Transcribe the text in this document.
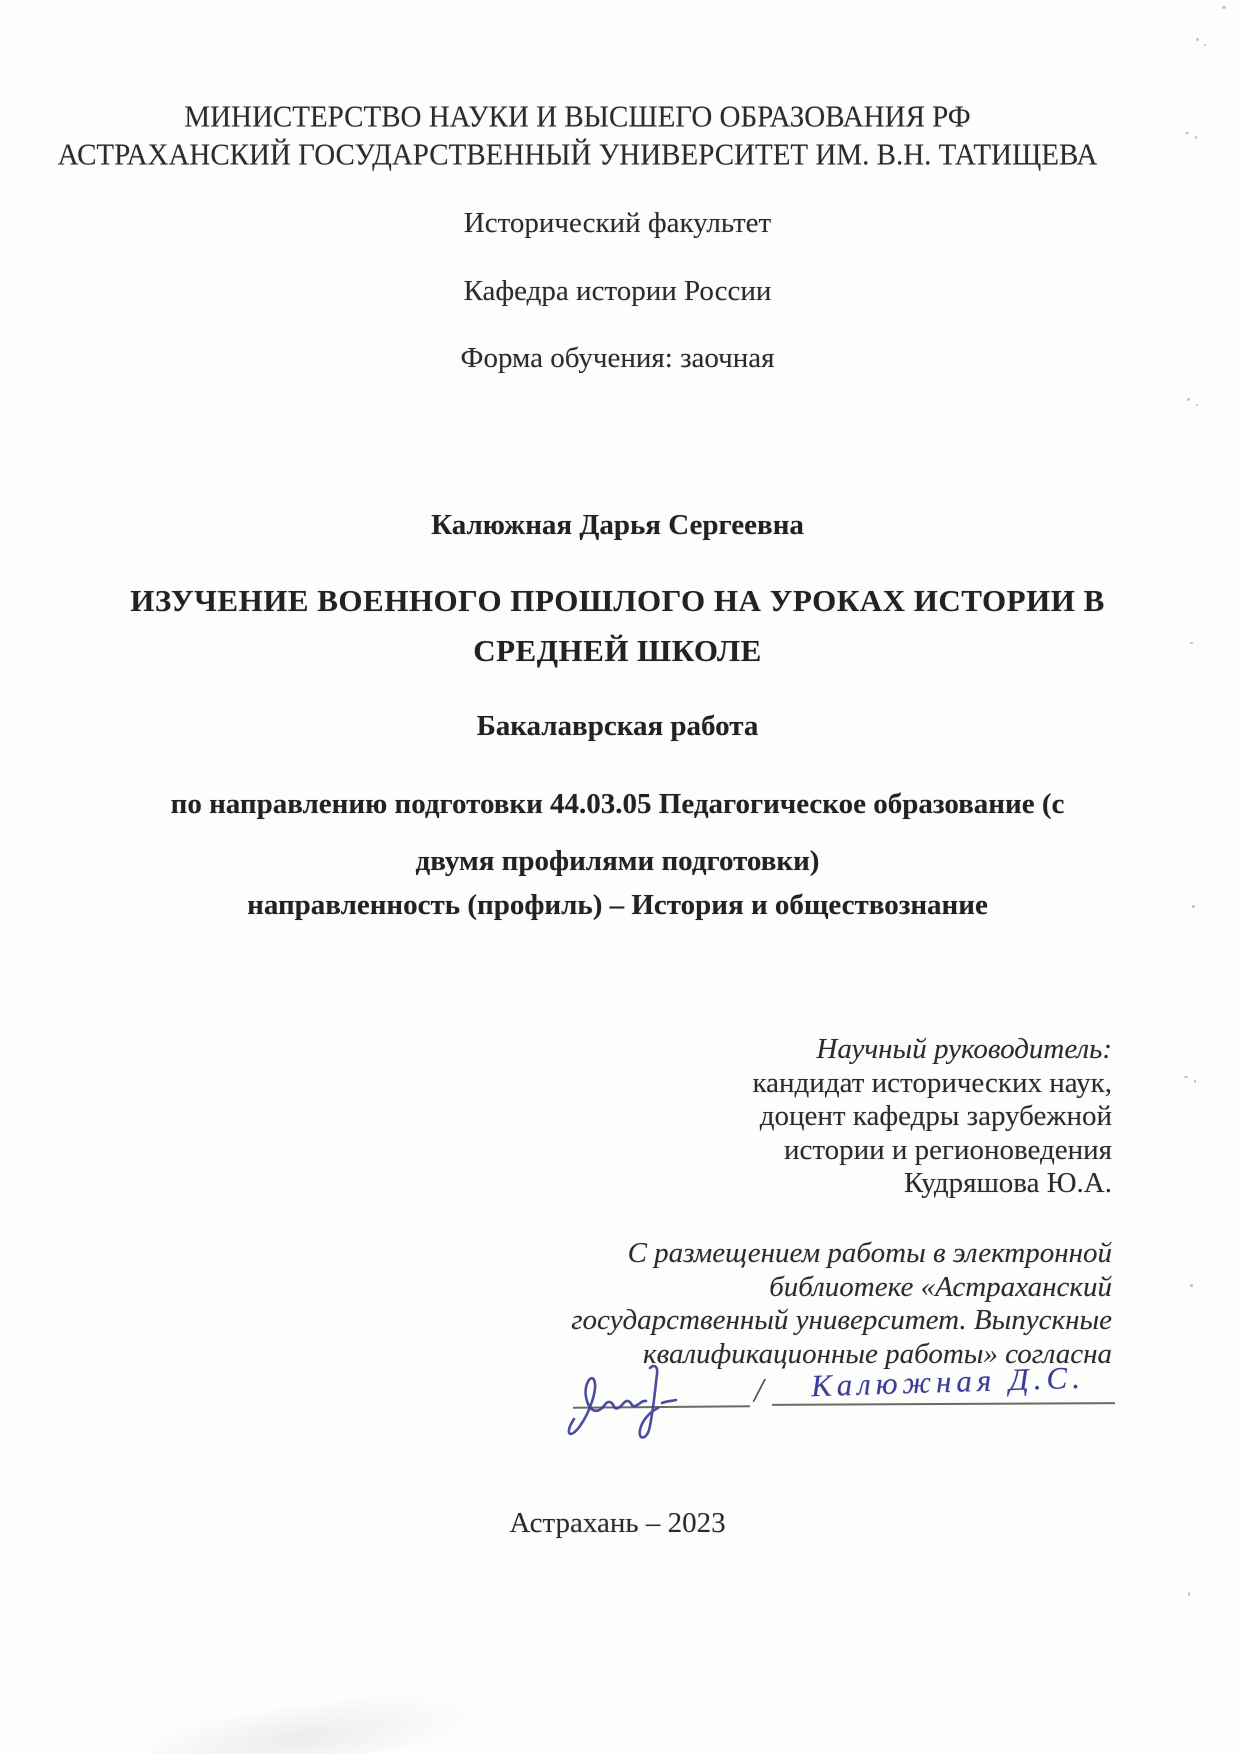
МИНИСТЕРСТВО НАУКИ И ВЫСШЕГО ОБРАЗОВАНИЯ РФ
АСТРАХАНСКИЙ ГОСУДАРСТВЕННЫЙ УНИВЕРСИТЕТ ИМ. В.Н. ТАТИЩЕВА
Исторический факультет
Кафедра истории России
Форма обучения: заочная
Калюжная Дарья Сергеевна
ИЗУЧЕНИЕ ВОЕННОГО ПРОШЛОГО НА УРОКАХ ИСТОРИИ В
СРЕДНЕЙ ШКОЛЕ
Бакалаврская работа
по направлению подготовки 44.03.05 Педагогическое образование (с
двумя профилями подготовки)
направленность (профиль) – История и обществознание
Научный руководитель:
кандидат исторических наук,
доцент кафедры зарубежной
истории и регионоведения
Кудряшова Ю.А.
С размещением работы в электронной
библиотеке «Астраханский
государственный университет. Выпускные
квалификационные работы» согласна
/	Калюжная Д.С.
Астрахань – 2023
